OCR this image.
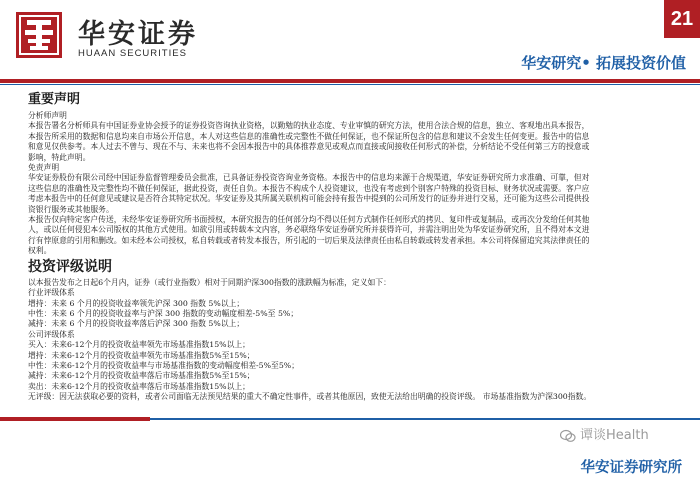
华安证券
HUAAN SECURITIES
21
华安研究• 拓展投资价值
重要声明

分析师声明

本报告署名分析师具有中国证券业协会授予的证券投资咨询执业资格，以勤勉的执业态度、专业审慎的研究方法，使用合法合规的信息，独立、客观地出具本报告，

本报告所采用的数据和信息均来自市场公开信息，本人对这些信息的准确性或完整性不做任何保证，也不保证所包含的信息和建议不会发生任何变更。报告中的信息

和意见仅供参考。本人过去不曾与、现在不与、未来也将不会因本报告中的具体推荐意见或观点而直接或间接收任何形式的补偿，分析结论不受任何第三方的授意或

影响，特此声明。

免责声明

华安证券股份有限公司经中国证券监督管理委员会批准，已具备证券投资咨询业务资格。本报告中的信息均来源于合规渠道，华安证券研究所力求准确、可靠，但对

这些信息的准确性及完整性均不做任何保证，据此投资，责任自负。本报告不构成个人投资建议，也没有考虑到个别客户特殊的投资目标、财务状况或需要。客户应

考虑本报告中的任何意见或建议是否符合其特定状况。华安证券及其所属关联机构可能会持有报告中提到的公司所发行的证券并进行交易，还可能为这些公司提供投

资银行服务或其他服务。

本报告仅向特定客户传送，未经华安证券研究所书面授权，本研究报告的任何部分均不得以任何方式制作任何形式的拷贝、复印件或复制品，或再次分发给任何其他

人，或以任何侵犯本公司版权的其他方式使用。如欲引用或转载本文内容，务必联络华安证券研究所并获得许可，并需注明出处为华安证券研究所，且不得对本文进

行有悖原意的引用和删改。如未经本公司授权，私自转载或者转发本报告，所引起的一切后果及法律责任由私自转载或转发者承担。本公司将保留追究其法律责任的

权利。

投资评级说明

以本报告发布之日起6个月内，证券（或行业指数）相对于同期沪深300指数的涨跌幅为标准，定义如下：

行业评级体系

增持：未来 6 个月的投资收益率领先沪深 300 指数 5%以上；

中性：未来 6 个月的投资收益率与沪深 300 指数的变动幅度相差-5%至 5%；

减持：未来 6 个月的投资收益率落后沪深 300 指数 5%以上；

公司评级体系

买入：未来6-12个月的投资收益率领先市场基准指数15%以上；

增持：未来6-12个月的投资收益率领先市场基准指数5%至15%；

中性：未来6-12个月的投资收益率与市场基准指数的变动幅度相差-5%至5%；

减持：未来6-12个月的投资收益率落后市场基准指数5%至15%；

卖出：未来6-12个月的投资收益率落后市场基准指数15%以上；

无评级：因无法获取必要的资料，或者公司面临无法预见结果的重大不确定性事件，或者其他原因，致使无法给出明确的投资评级。 市场基准指数为沪深300指数。

谭谈Health
华安证券研究所
